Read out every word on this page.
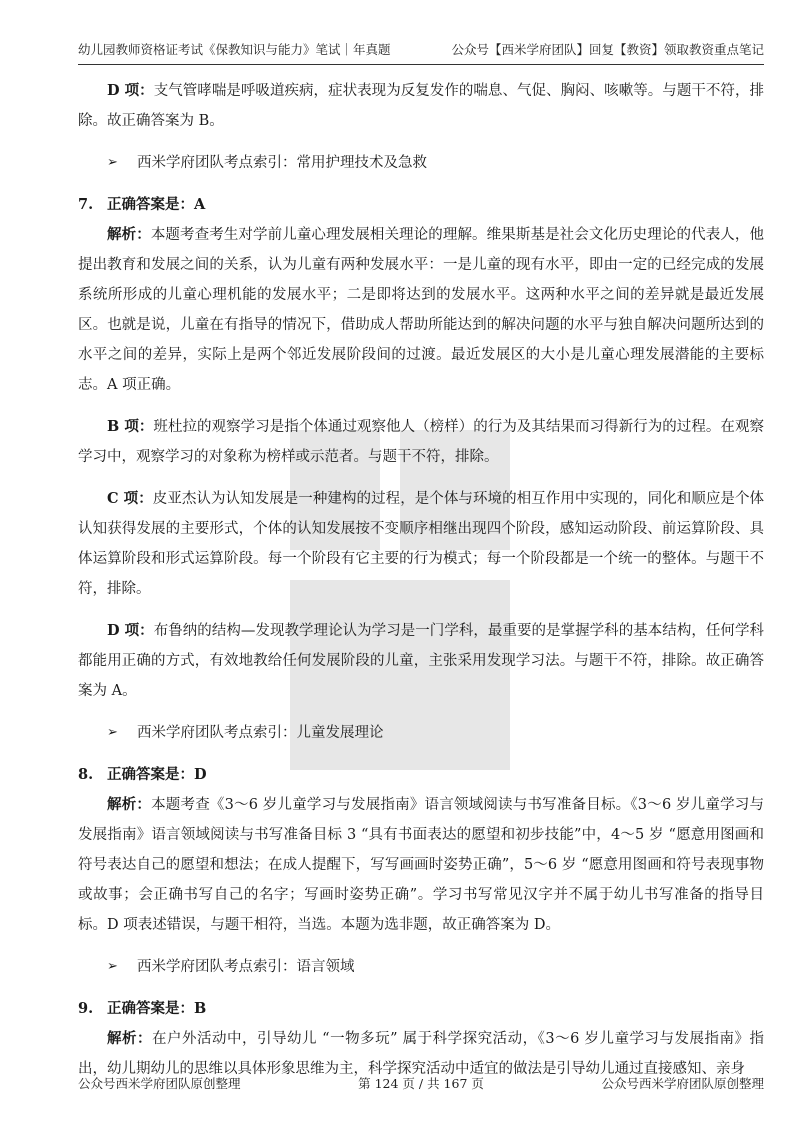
幼儿园教师资格证考试《保教知识与能力》笔试｜年真题	公众号【西米学府团队】回复【教资】领取教资重点笔记

D 项：支气管哮喘是呼吸道疾病，症状表现为反复发作的喘息、气促、胸闷、咳嗽等。与题干不符，排除。故正确答案为 B。

➢	西米学府团队考点索引：常用护理技术及急救
7. 正确答案是：A

解析：本题考查考生对学前儿童心理发展相关理论的理解。维果斯基是社会文化历史理论的代表人，他提出教育和发展之间的关系，认为儿童有两种发展水平：一是儿童的现有水平，即由一定的已经完成的发展系统所形成的儿童心理机能的发展水平；二是即将达到的发展水平。这两种水平之间的差异就是最近发展区。也就是说，儿童在有指导的情况下，借助成人帮助所能达到的解决问题的水平与独自解决问题所达到的水平之间的差异，实际上是两个邻近发展阶段间的过渡。最近发展区的大小是儿童心理发展潜能的主要标志。A 项正确。

B 项：班杜拉的观察学习是指个体通过观察他人（榜样）的行为及其结果而习得新行为的过程。在观察学习中，观察学习的对象称为榜样或示范者。与题干不符，排除。

C 项：皮亚杰认为认知发展是一种建构的过程，是个体与环境的相互作用中实现的，同化和顺应是个体认知获得发展的主要形式，个体的认知发展按不变顺序相继出现四个阶段，感知运动阶段、前运算阶段、具体运算阶段和形式运算阶段。每一个阶段有它主要的行为模式；每一个阶段都是一个统一的整体。与题干不符，排除。

D 项：布鲁纳的结构—发现教学理论认为学习是一门学科，最重要的是掌握学科的基本结构，任何学科都能用正确的方式，有效地教给任何发展阶段的儿童，主张采用发现学习法。与题干不符，排除。故正确答案为 A。

➢	西米学府团队考点索引：儿童发展理论
8. 正确答案是：D

解析：本题考查《3～6 岁儿童学习与发展指南》语言领域阅读与书写准备目标。《3～6 岁儿童学习与发展指南》语言领域阅读与书写准备目标 3 “具有书面表达的愿望和初步技能”中，4～5 岁 “愿意用图画和符号表达自己的愿望和想法；在成人提醒下，写写画画时姿势正确”，5～6 岁 “愿意用图画和符号表现事物或故事；会正确书写自己的名字；写画时姿势正确”。学习书写常见汉字并不属于幼儿书写准备的指导目标。D 项表述错误，与题干相符，当选。本题为选非题，故正确答案为 D。

➢	西米学府团队考点索引：语言领域
9. 正确答案是：B

解析：在户外活动中，引导幼儿 “一物多玩” 属于科学探究活动，《3～6 岁儿童学习与发展指南》指出，幼儿期幼儿的思维以具体形象思维为主，科学探究活动中适宜的做法是引导幼儿通过直接感知、亲身

公众号西米学府团队原创整理	第 124 页 / 共 167 页	公众号西米学府团队原创整理
